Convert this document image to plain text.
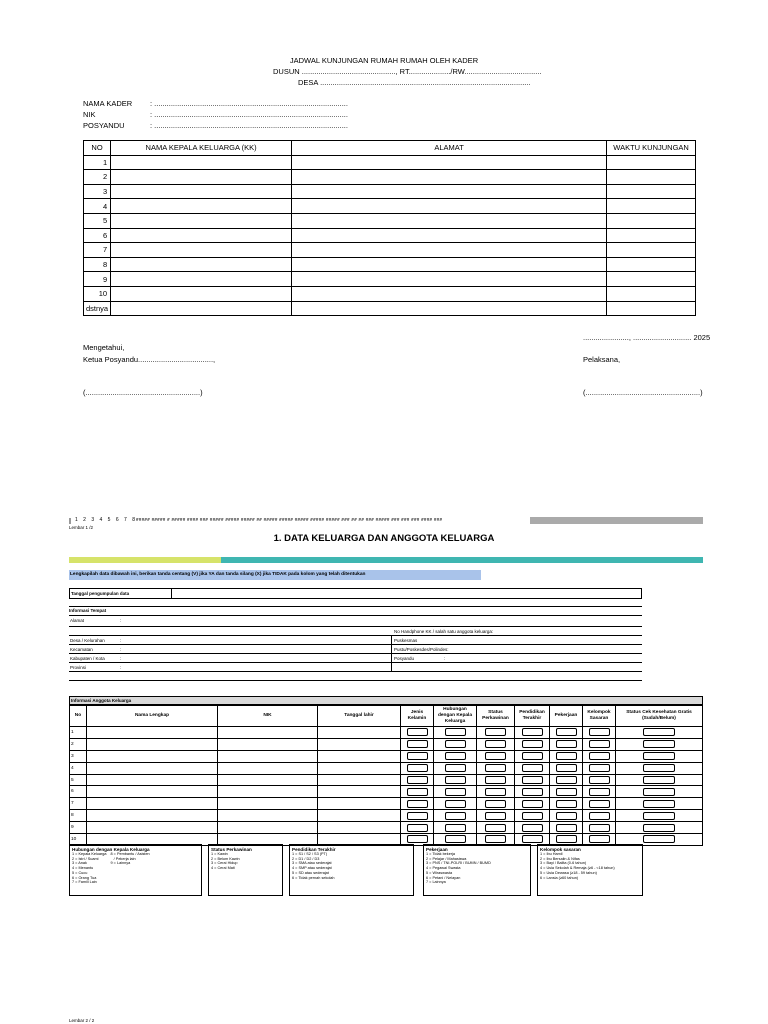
JADWAL KUNJUNGAN RUMAH RUMAH OLEH KADER
DUSUN ............................................., RT..................../RW.....................................
DESA .....................................................................................................
NAMA KADER : .............................................................................................
NIK	: .............................................................................................
POSYANDU	: .............................................................................................
NO	NAMA KEPALA KELUARGA (KK)	ALAMAT	WAKTU KUNJUNGAN
1			
2			
3			
4			
5			
6			
7			
8			
9			
10			
dstnya			
......................, ............................ 2025
Mengetahui,
Ketua Posyandu....................................,	Pelaksana,
(.......................................................)	(.......................................................)
1 2 3 4 5 6 7 8 ##### ##### # ##### #### ### ##### ##### ##### ## ##### ##### ##### ##### ##### ### ## ## ### ##### ### ### ### #### ###
Lembar 1 /2
1. DATA KELUARGA DAN ANGGOTA KELUARGA
Lengkapilah data dibawah ini, berikan tanda centang (V) jika YA dan tanda silang (X) jika TIDAK pada kolom yang telah ditentukan
Tanggal pengumpulan data
Informasi Tempat
Alamat	:
No Handphone KK / salah satu anggota keluarga:
Desa / Kelurahan	:
Kecamatan	:
Kabupaten / Kota	:
Provinsi	:
Puskesmas
Pustu/Poskesdes/Polindes:
Posyandu	:
Informasi Anggota Keluarga
No	Nama Lengkap	NIK	Tanggal lahir	Jenis Kelamin	Hubungan dengan Kepala Keluarga	Status Perkawinan	Pendidikan Terakhir	Pekerjaan	Kelompok Sasaran	Status Cek Kesehatan Gratis (Sudah/Belum)
1										
2										
3										
4										
5										
6										
7										
8										
9										
10										
Hubungan dengan Kepala Keluarga
1 = Kepala Keluarga
2 = Istri / Suami
3 = Anak
4 = Menantu
5 = Cucu
6 = Orang Tua
7 = Famili Lain
8 = Pembantu / Asisten
/ Pekerja lain
9 = Lainnya
Status Perkawinan
1 = Kawin
2 = Belum Kawin
3 = Cerai Hidup
4 = Cerai Mati
Pendidikan Terakhir
1 = S1 / S2 / S3 (PT)
2 = D1 / D2 / D3
3 = SMA atau sederajat
4 = SMP atau sederajat
5 = SD atau sederajat
6 = Tidak pernah sekolah
Pekerjaan
1 = Tidak bekerja
2 = Pelajar / Mahasiswa
3 = PNS / TNI-POLRI / BUMN / BUMD
4 = Pegawai Swasta
5 = Wiraswasta
6 = Petani / Nelayan
7 = Lainnya
Kelompok sasaran
1 = Ibu Hamil
2 = Ibu Bersalin & Nifas
3 = Bayi / Balita (0-6 tahun)
4 = Usia Sekolah & Remaja (≥6 - <18 tahun)
5 = Usia Dewasa (≥18 - 59 tahun)
6 = Lansia (≥60 tahun)
Lembar 2 / 2
